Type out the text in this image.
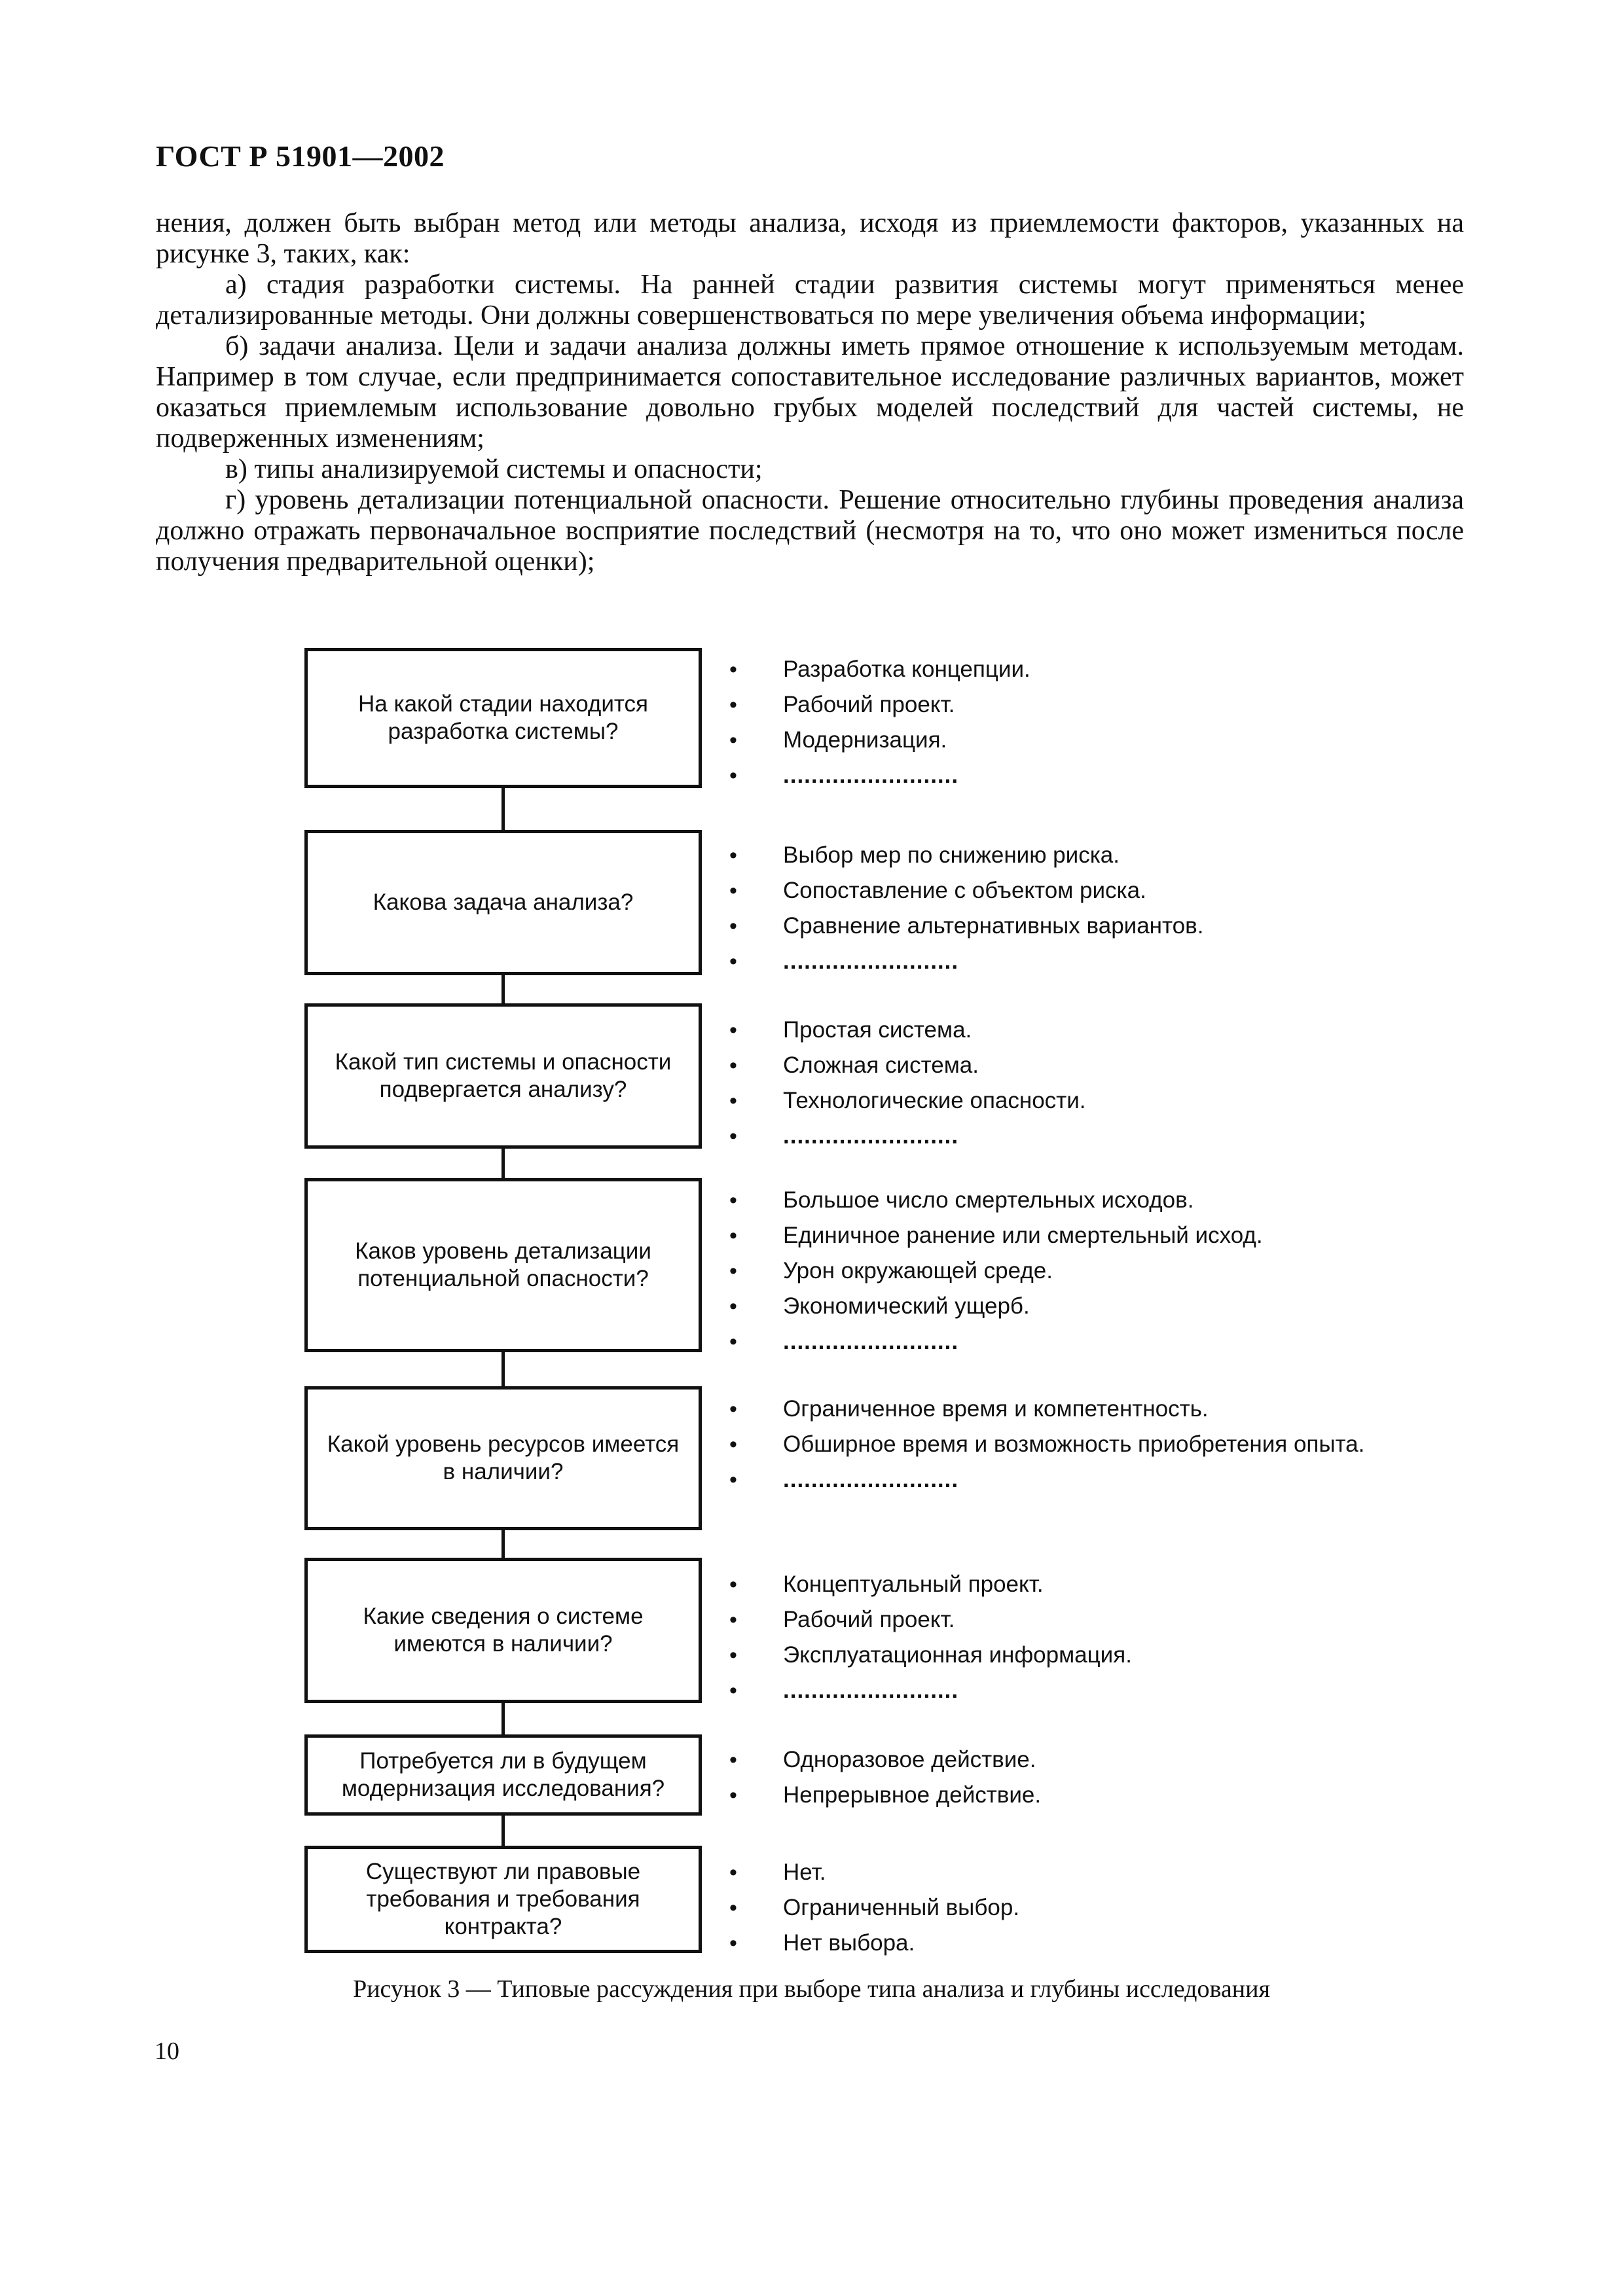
ГОСТ Р 51901—2002

нения, должен быть выбран метод или методы анализа, исходя из приемлемости факторов, указанных на рисунке 3, таких, как:

а) стадия разработки системы. На ранней стадии развития системы могут применяться менее детализированные методы. Они должны совершенствоваться по мере увеличения объема информации;

б) задачи анализа. Цели и задачи анализа должны иметь прямое отношение к используемым методам. Например в том случае, если предпринимается сопоставительное исследование различных вариантов, может оказаться приемлемым использование довольно грубых моделей последствий для частей системы, не подверженных изменениям;

в) типы анализируемой системы и опасности;

г) уровень детализации потенциальной опасности. Решение относительно глубины проведения анализа должно отражать первоначальное восприятие последствий (несмотря на то, что оно может измениться после получения предварительной оценки);

На какой стадии находится разработка системы?
• Разработка концепции.
• Рабочий проект.
• Модернизация.
• .........................
Какова задача анализа?
• Выбор мер по снижению риска.
• Сопоставление с объектом риска.
• Сравнение альтернативных вариантов.
• .........................
Какой тип системы и опасности подвергается анализу?
• Простая система.
• Сложная система.
• Технологические опасности.
• .........................
Каков уровень детализации потенциальной опасности?
• Большое число смертельных исходов.
• Единичное ранение или смертельный исход.
• Урон окружающей среде.
• Экономический ущерб.
• .........................
Какой уровень ресурсов имеется в наличии?
• Ограниченное время и компетентность.
• Обширное время и возможность приобретения опыта.
• .........................
Какие сведения о системе имеются в наличии?
• Концептуальный проект.
• Рабочий проект.
• Эксплуатационная информация.
• .........................
Потребуется ли в будущем модернизация исследования?
• Одноразовое действие.
• Непрерывное действие.
Существуют ли правовые требования и требования контракта?
• Нет.
• Ограниченный выбор.
• Нет выбора.
Рисунок 3 — Типовые рассуждения при выборе типа анализа и глубины исследования
10
